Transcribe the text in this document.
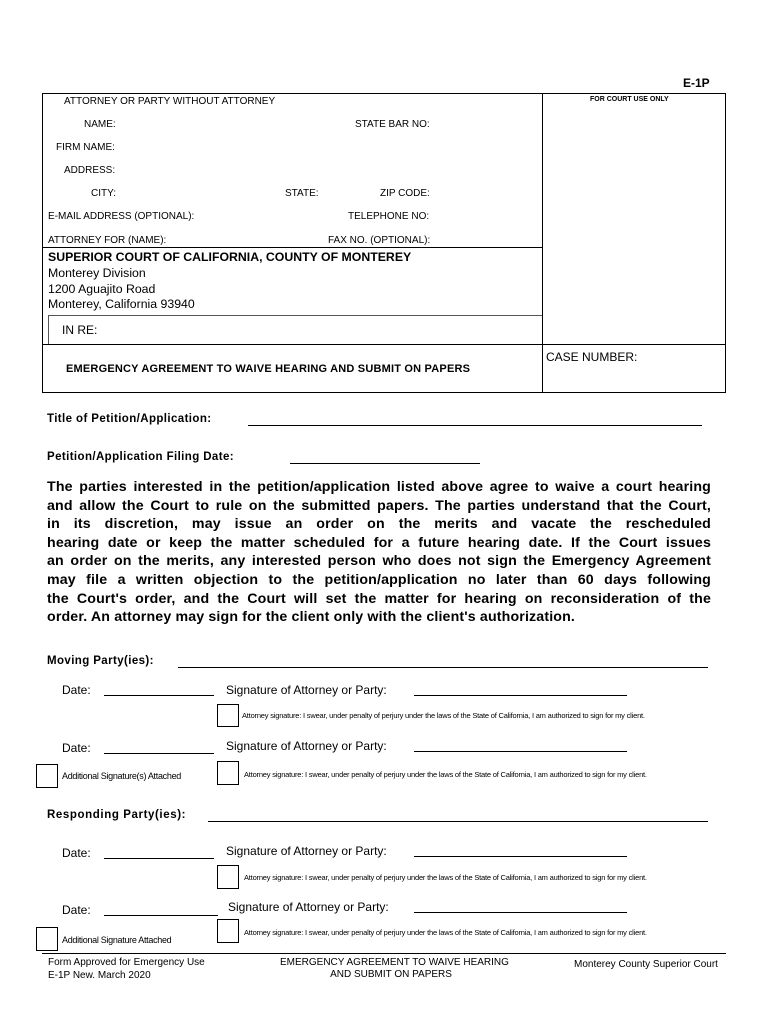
E-1P
FOR COURT USE ONLY
ATTORNEY OR PARTY WITHOUT ATTORNEY
NAME:	STATE BAR NO:
FIRM NAME:
ADDRESS:
CITY:	STATE:	ZIP CODE:
E-MAIL ADDRESS (OPTIONAL):	TELEPHONE NO:
ATTORNEY FOR (NAME):	FAX NO. (OPTIONAL):
SUPERIOR COURT OF CALIFORNIA, COUNTY OF MONTEREY
Monterey Division
1200 Aguajito Road
Monterey, California 93940
IN RE:
EMERGENCY AGREEMENT TO WAIVE HEARING AND SUBMIT ON PAPERS
CASE NUMBER:
Title of Petition/Application:
Petition/Application Filing Date:
The parties interested in the petition/application listed above agree to waive a court hearing
and allow the Court to rule on the submitted papers. The parties understand that the Court,
in its discretion, may issue an order on the merits and vacate the rescheduled
hearing date or keep the matter scheduled for a future hearing date. If the Court issues
an order on the merits, any interested person who does not sign the Emergency Agreement
may file a written objection to the petition/application no later than 60 days following
the Court's order, and the Court will set the matter for hearing on reconsideration of the
order. An attorney may sign for the client only with the client's authorization.
Moving Party(ies):
Date:	Signature of Attorney or Party:
Attorney signature: I swear, under penalty of perjury under the laws of the State of California, I am authorized to sign for my client.
Date:	Signature of Attorney or Party:
Additional Signature(s) Attached	Attorney signature: I swear, under penalty of perjury under the laws of the State of California, I am authorized to sign for my client.
Responding Party(ies):
Date:	Signature of Attorney or Party:
Attorney signature: I swear, under penalty of perjury under the laws of the State of California, I am authorized to sign for my client.
Date:	Signature of Attorney or Party:
Attorney signature: I swear, under penalty of perjury under the laws of the State of California, I am authorized to sign for my client.
Additional Signature Attached
Form Approved for Emergency Use
E-1P New. March 2020
EMERGENCY AGREEMENT TO WAIVE HEARING
AND SUBMIT ON PAPERS
Monterey County Superior Court
